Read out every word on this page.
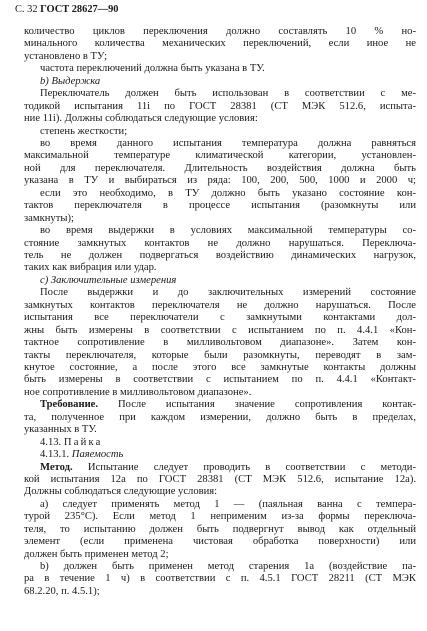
С. 32 ГОСТ 28627—90
количество циклов переключения должно составлять 10 % но-
минального количества механических переключений, если иное не
установлено в ТУ;
частота переключений должна быть указана в ТУ.
b) Выдержка
Переключатель должен быть использован в соответствии с ме-
тодикой испытания 11i по ГОСТ 28381 (СТ МЭК 512.6, испыта-
ние 11i). Должны соблюдаться следующие условия:
степень жесткости;
во время данного испытания температура должна равняться
максимальной температуре климатической категории, установлен-
ной для переключателя. Длительность воздействия должна быть
указана в ТУ и выбираться из ряда: 100, 200, 500, 1000 и 2000 ч;
если это необходимо, в ТУ должно быть указано состояние кон-
тактов переключателя в процессе испытания (разомкнуты или
замкнуты);
во время выдержки в условиях максимальной температуры со-
стояние замкнутых контактов не должно нарушаться. Переключа-
тель не должен подвергаться воздействию динамических нагрузок,
таких как вибрация или удар.
c) Заключительные измерения
После выдержки и до заключительных измерений состояние
замкнутых контактов переключателя не должно нарушаться. После
испытания все переключатели с замкнутыми контактами дол-
жны быть измерены в соответствии с испытанием по п. 4.4.1 «Кон-
тактное сопротивление в милливольтовом диапазоне». Затем кон-
такты переключателя, которые были разомкнуты, переводят в зам-
кнутое состояние, а после этого все замкнутые контакты должны
быть измерены в соответствии с испытанием по п. 4.4.1 «Контакт-
ное сопротивление в милливольтовом диапазоне».
Требование. После испытания значение сопротивления контак-
та, полученное при каждом измерении, должно быть в пределах,
указанных в ТУ.
4.13. Пайка
4.13.1. Паяемость
Метод. Испытание следует проводить в соответствии с методи-
кой испытания 12а по ГОСТ 28381 (СТ МЭК 512.6, испытание 12а).
Должны соблюдаться следующие условия:
а) следует применять метод 1 — (паяльная ванна с темпера-
турой 235°С). Если метод 1 неприменим из-за формы переключа-
теля, то испытанию должен быть подвергнут вывод как отдельный
элемент (если применена чистовая обработка поверхности) или
должен быть применен метод 2;
b) должен быть применен метод старения 1а (воздействие па-
ра в течение 1 ч) в соответствии с п. 4.5.1 ГОСТ 28211 (СТ МЭК
68.2.20, п. 4.5.1);
